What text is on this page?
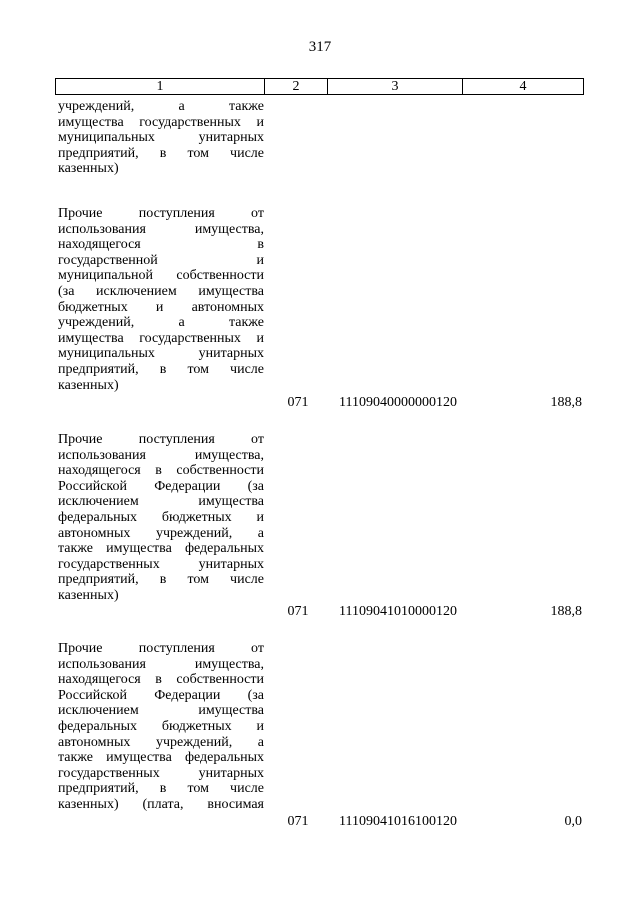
317
1	2	3	4
учреждений, а также
имущества государственных и
муниципальных унитарных
предприятий, в том числе
казенных)
Прочие поступления от
использования имущества,
находящегося в
государственной и
муниципальной собственности
(за исключением имущества
бюджетных и автономных
учреждений, а также
имущества государственных и
муниципальных унитарных
предприятий, в том числе
казенных)
071	11109040000000120	188,8
Прочие поступления от
использования имущества,
находящегося в собственности
Российской Федерации (за
исключением имущества
федеральных бюджетных и
автономных учреждений, а
также имущества федеральных
государственных унитарных
предприятий, в том числе
казенных)
071	11109041010000120	188,8
Прочие поступления от
использования имущества,
находящегося в собственности
Российской Федерации (за
исключением имущества
федеральных бюджетных и
автономных учреждений, а
также имущества федеральных
государственных унитарных
предприятий, в том числе
казенных) (плата, вносимая
071	11109041016100120	0,0
